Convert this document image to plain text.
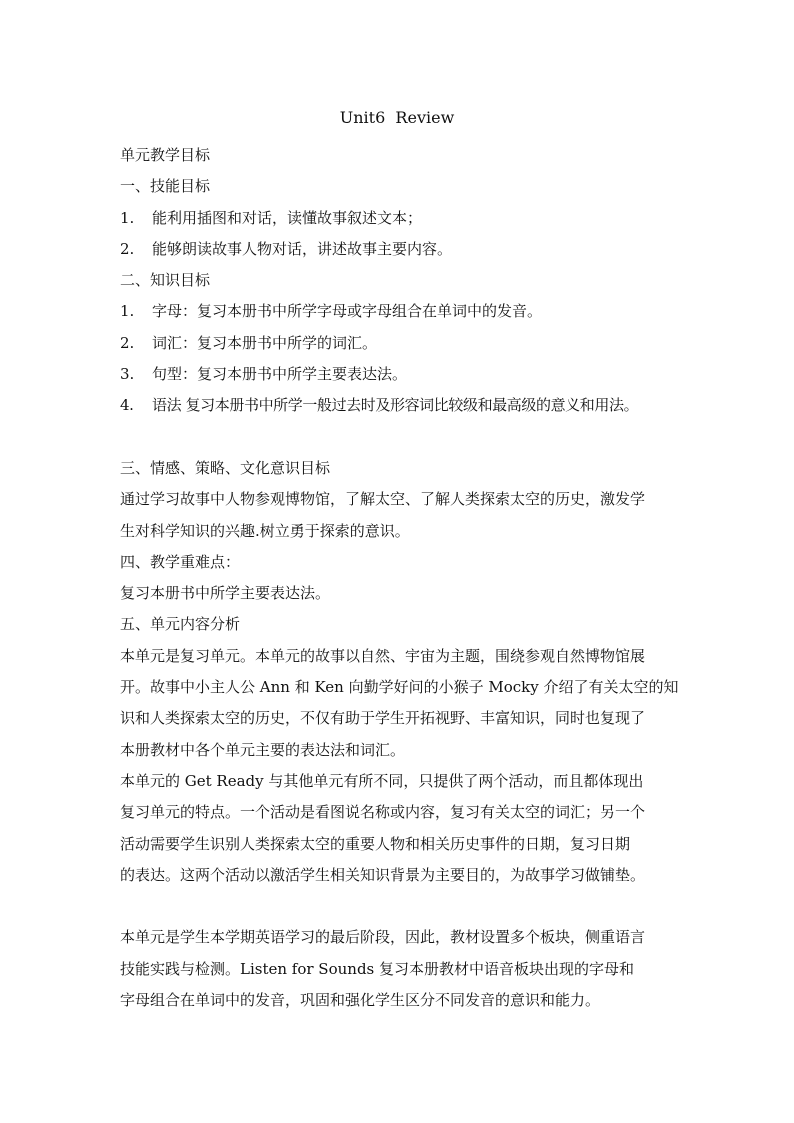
Unit6  Review
单元教学目标
一、技能目标
1. 能利用插图和对话，读懂故事叙述文本；
2. 能够朗读故事人物对话，讲述故事主要内容。
二、知识目标
1. 字母：复习本册书中所学字母或字母组合在单词中的发音。
2. 词汇：复习本册书中所学的词汇。
3. 句型：复习本册书中所学主要表达法。
4. 语法 复习本册书中所学一般过去时及形容词比较级和最高级的意义和用法。
三、情感、策略、文化意识目标
通过学习故事中人物参观博物馆，了解太空、了解人类探索太空的历史，激发学
生对科学知识的兴趣.树立勇于探索的意识。
四、教学重难点：
复习本册书中所学主要表达法。
五、单元内容分析
本单元是复习单元。本单元的故事以自然、宇宙为主题，围绕参观自然博物馆展
开。故事中小主人公 Ann 和 Ken 向勤学好问的小猴子 Mocky 介绍了有关太空的知
识和人类探索太空的历史，不仅有助于学生开拓视野、丰富知识，同时也复现了
本册教材中各个单元主要的表达法和词汇。
本单元的 Get Ready 与其他单元有所不同，只提供了两个活动，而且都体现出
复习单元的特点。一个活动是看图说名称或内容，复习有关太空的词汇；另一个
活动需要学生识别人类探索太空的重要人物和相关历史事件的日期，复习日期
的表达。这两个活动以激活学生相关知识背景为主要目的，为故事学习做铺垫。
本单元是学生本学期英语学习的最后阶段，因此，教材设置多个板块，侧重语言
技能实践与检测。Listen for Sounds 复习本册教材中语音板块出现的字母和
字母组合在单词中的发音，巩固和强化学生区分不同发音的意识和能力。
